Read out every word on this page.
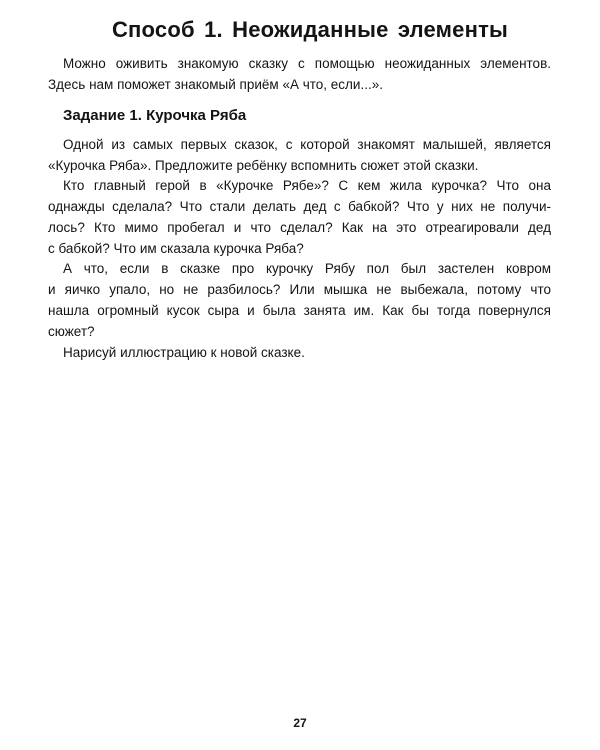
Способ 1. Неожиданные элементы

Можно оживить знакомую сказку с помощью неожиданных элементов.

Здесь нам поможет знакомый приём «А что, если...».

Задание 1. Курочка Ряба

Одной из самых первых сказок, с которой знакомят малышей, является

«Курочка Ряба». Предложите ребёнку вспомнить сюжет этой сказки.

Кто главный герой в «Курочке Рябе»? С кем жила курочка? Что она

однажды сделала? Что стали делать дед с бабкой? Что у них не получи-

лось? Кто мимо пробегал и что сделал? Как на это отреагировали дед

с бабкой? Что им сказала курочка Ряба?

А что, если в сказке про курочку Рябу пол был застелен ковром

и яичко упало, но не разбилось? Или мышка не выбежала, потому что

нашла огромный кусок сыра и была занята им. Как бы тогда повернулся

сюжет?

Нарисуй иллюстрацию к новой сказке.

27
